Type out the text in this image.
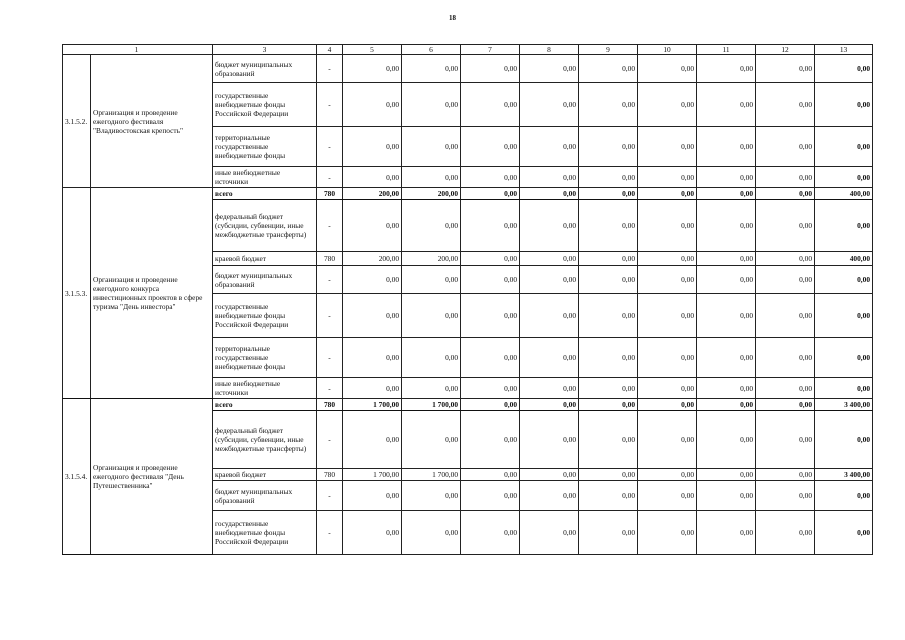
18
1		3	4	5	6	7	8	9	10	11	12	13
3.1.5.2.	Организация и проведение ежегодного фестиваля "Владивостокская крепость"	бюджет муниципальных образований	-	0,00	0,00	0,00	0,00	0,00	0,00	0,00	0,00	0,00
		государственные внебюджетные фонды Российской Федерации	-	0,00	0,00	0,00	0,00	0,00	0,00	0,00	0,00	0,00
		территориальные государственные внебюджетные фонды	-	0,00	0,00	0,00	0,00	0,00	0,00	0,00	0,00	0,00
		иные внебюджетные источники	-	0,00	0,00	0,00	0,00	0,00	0,00	0,00	0,00	0,00
3.1.5.3.	Организация и проведение ежегодного конкурса инвестиционных проектов в сфере туризма "День инвестора"	всего	780	200,00	200,00	0,00	0,00	0,00	0,00	0,00	0,00	400,00
		федеральный бюджет (субсидии, субвенции, иные межбюджетные трансферты)	-	0,00	0,00	0,00	0,00	0,00	0,00	0,00	0,00	0,00
		краевой бюджет	780	200,00	200,00	0,00	0,00	0,00	0,00	0,00	0,00	400,00
		бюджет муниципальных образований	-	0,00	0,00	0,00	0,00	0,00	0,00	0,00	0,00	0,00
		государственные внебюджетные фонды Российской Федерации	-	0,00	0,00	0,00	0,00	0,00	0,00	0,00	0,00	0,00
		территориальные государственные внебюджетные фонды	-	0,00	0,00	0,00	0,00	0,00	0,00	0,00	0,00	0,00
		иные внебюджетные источники	-	0,00	0,00	0,00	0,00	0,00	0,00	0,00	0,00	0,00
3.1.5.4.	Организация и проведение ежегодного фестиваля "День Путешественника"	всего	780	1 700,00	1 700,00	0,00	0,00	0,00	0,00	0,00	0,00	3 400,00
		федеральный бюджет (субсидии, субвенции, иные межбюджетные трансферты)	-	0,00	0,00	0,00	0,00	0,00	0,00	0,00	0,00	0,00
		краевой бюджет	780	1 700,00	1 700,00	0,00	0,00	0,00	0,00	0,00	0,00	3 400,00
		бюджет муниципальных образований	-	0,00	0,00	0,00	0,00	0,00	0,00	0,00	0,00	0,00
		государственные внебюджетные фонды Российской Федерации	-	0,00	0,00	0,00	0,00	0,00	0,00	0,00	0,00	0,00
